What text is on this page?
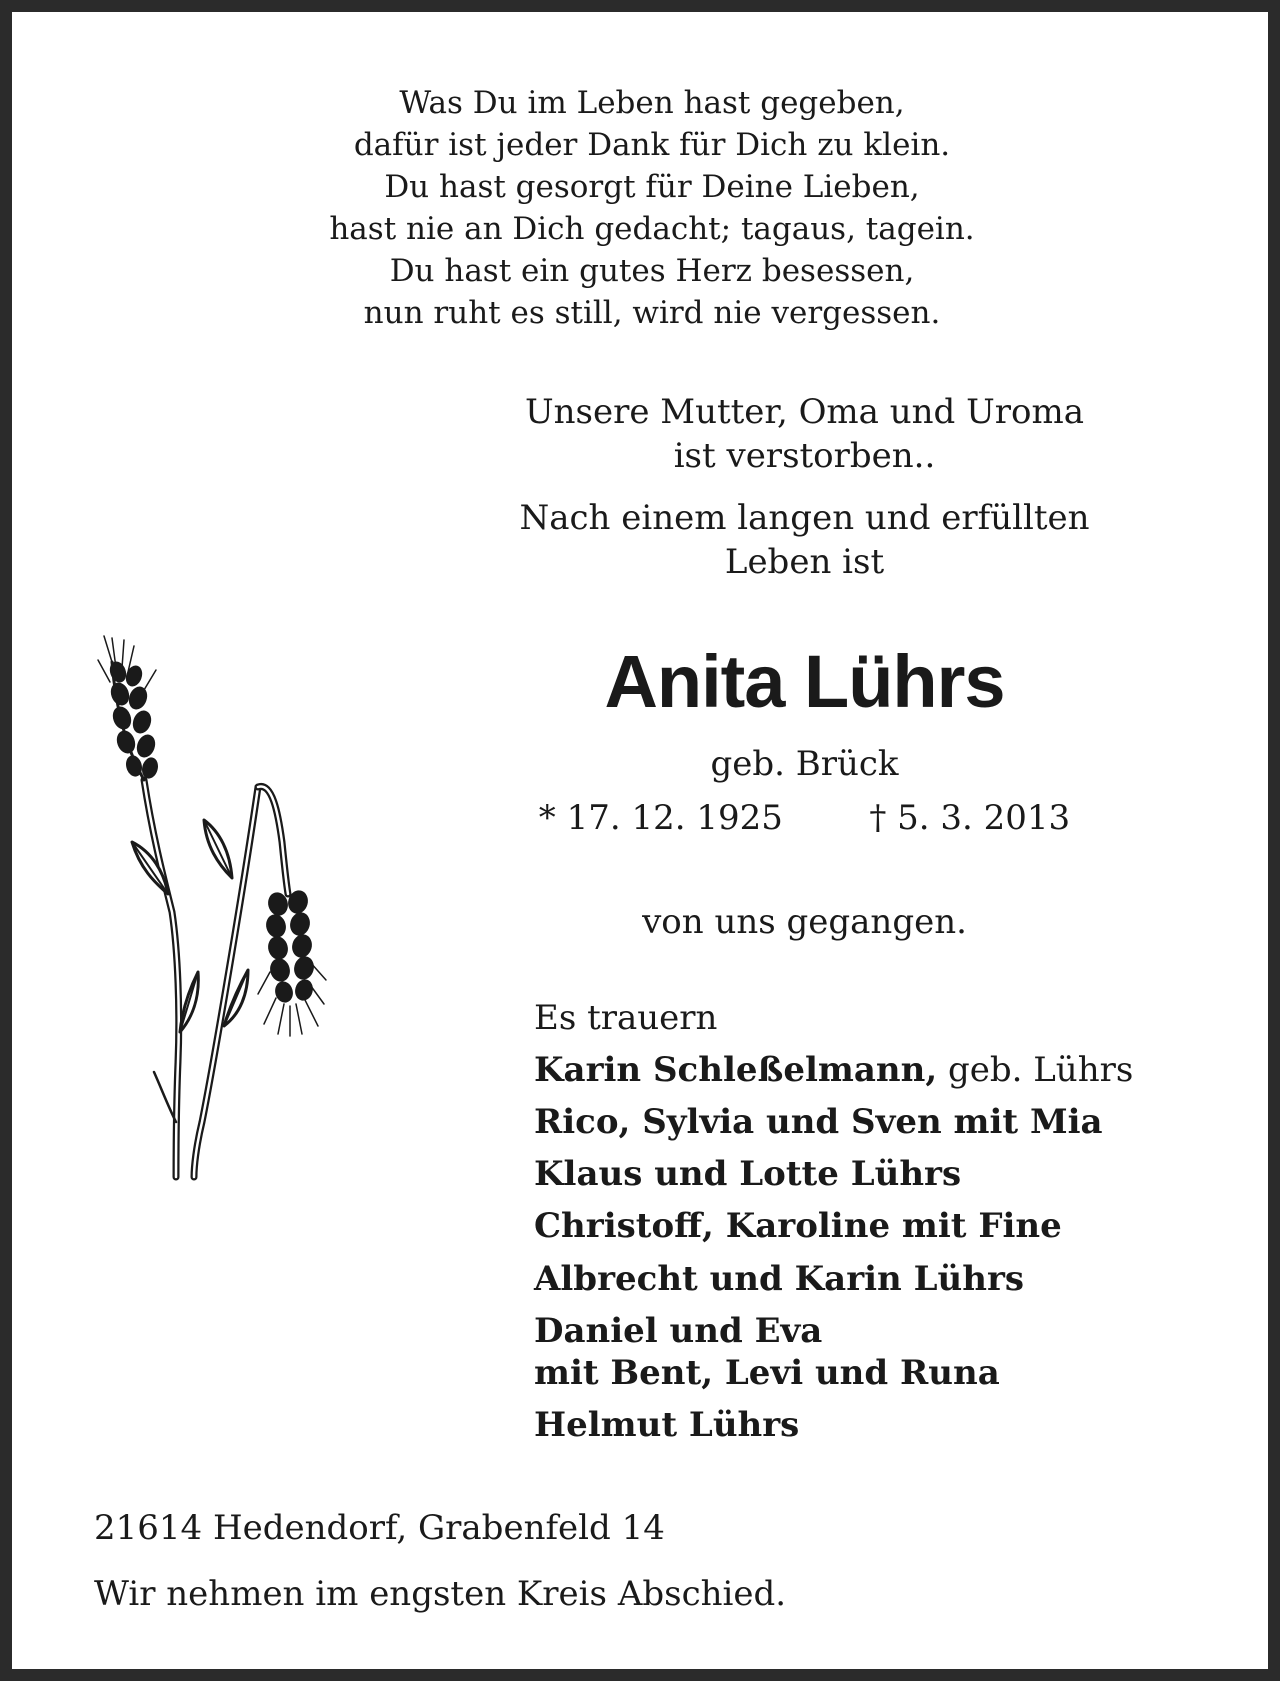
Was Du im Leben hast gegeben,
dafür ist jeder Dank für Dich zu klein.
Du hast gesorgt für Deine Lieben,
hast nie an Dich gedacht; tagaus, tagein.
Du hast ein gutes Herz besessen,
nun ruht es still, wird nie vergessen.
Unsere Mutter, Oma und Uroma
ist verstorben..
Nach einem langen und erfüllten
Leben ist
Anita Lührs
geb. Brück
* 17. 12. 1925	† 5. 3. 2013
von uns gegangen.
Es trauern
Karin Schleßelmann, geb. Lührs
Rico, Sylvia und Sven mit Mia
Klaus und Lotte Lührs
Christoff, Karoline mit Fine
Albrecht und Karin Lührs
Daniel und Eva
mit Bent, Levi und Runa
Helmut Lührs
21614 Hedendorf, Grabenfeld 14
Wir nehmen im engsten Kreis Abschied.
